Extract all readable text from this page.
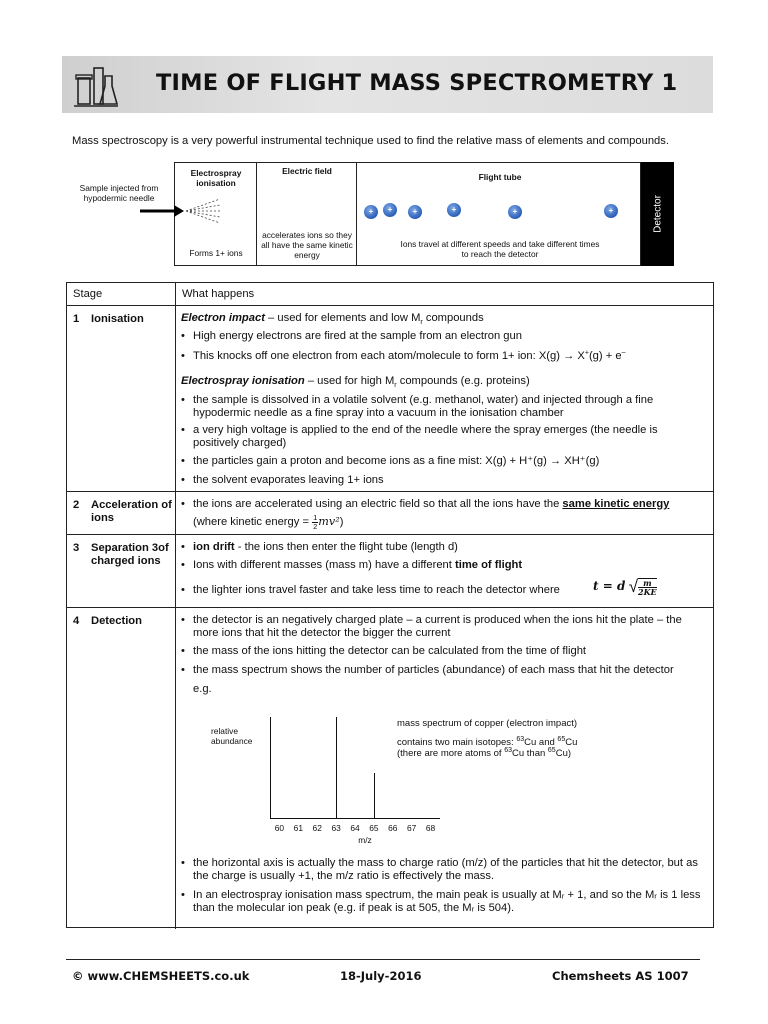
TIME OF FLIGHT MASS SPECTROMETRY 1
Mass spectroscopy is a very powerful instrumental technique used to find the relative mass of elements and compounds.
Sample injected from hypodermic needle
Electrospray ionisation
Forms 1+ ions
Electric field
accelerates ions so they all have the same kinetic energy
Flight tube
Ions travel at different speeds and take different times to reach the detector
+	+	+	+	+	+	Detector
Stage	What happens
1 Ionisation	Electron impact – used for elements and low $M_r$ compounds
• High energy electrons are fired at the sample from an electron gun
• This knocks off one electron from each atom/molecule to form 1+ ion: X(g) → X+(g) + e–
Electrospray ionisation – used for high $M_r$ compounds (e.g. proteins)
• the sample is dissolved in a volatile solvent (e.g. methanol, water) and injected through a fine hypodermic needle as a fine spray into a vacuum in the ionisation chamber
• a very high voltage is applied to the end of the needle where the spray emerges (the needle is positively charged)
• the particles gain a proton and become ions as a fine mist: X(g) + H⁺(g) → XH⁺(g)
• the solvent evaporates leaving 1+ ions
2 Acceleration of ions
• the ions are accelerated using an electric field so that all the ions have the same kinetic energy
(where kinetic energy = $\frac{1}{2} mv^2$)
3 Separation 3of charged ions
• ion drift - the ions then enter the flight tube (length d)
• Ions with different masses (mass m) have a different time of flight
• the lighter ions travel faster and take less time to reach the detector where	t = d √ $\frac{m}{2KE}$
4 Detection
•	the detector is an negatively charged plate – a current is produced when the ions hit the plate – the more ions that hit the detector the bigger the current
• the mass of the ions hitting the detector can be calculated from the time of flight
• the mass spectrum shows the number of particles (abundance) of each mass that hit the detector
e.g.
• the horizontal axis is actually the mass to charge ratio (m/z) of the particles that hit the detector, but as the charge is usually +1, the m/z ratio is effectively the mass.
• In an electrospray ionisation mass spectrum, the main peak is usually at Mᵣ + 1, and so the Mᵣ is 1 less than the molecular ion peak (e.g. if peak is at 505, the Mᵣ is 504).
relative abundance
60	61	62	63	64	65	66	67	68
m/z
mass spectrum of copper (electron impact)
contains two main isotopes: $^{63}$Cu and $^{65}$Cu
(there are more atoms of $^{63}$Cu than $^{65}$Cu)
© www.CHEMSHEETS.co.uk	18-July-2016	Chemsheets AS 1007
